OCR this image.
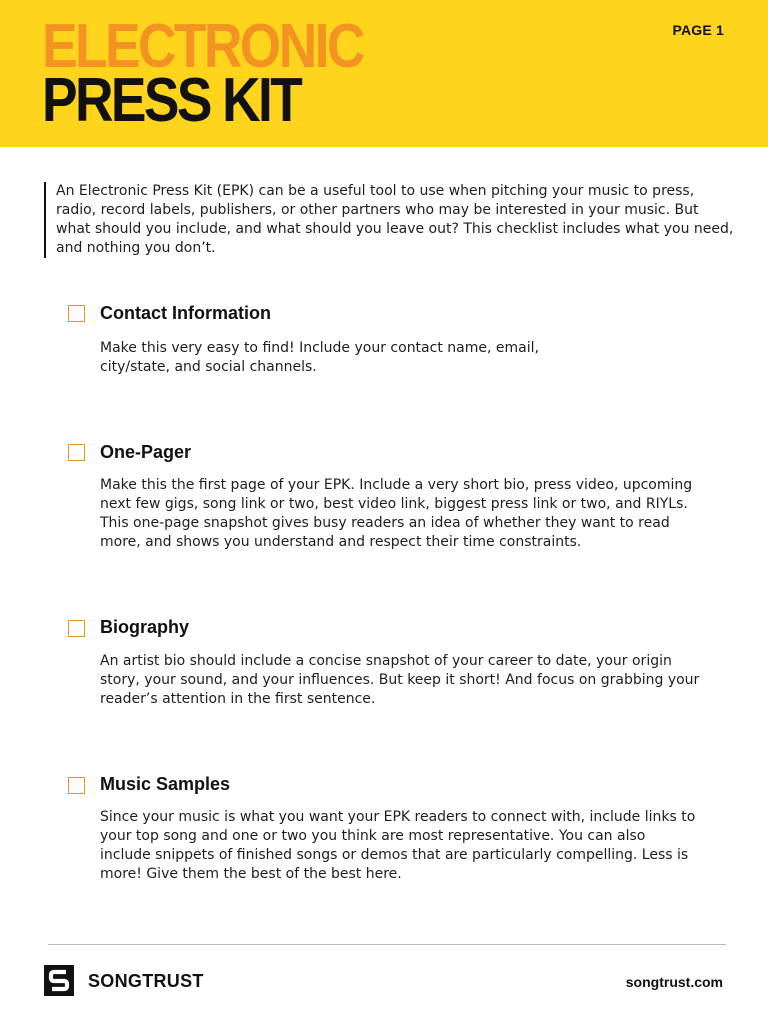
ELECTRONIC
PRESS KIT
PAGE 1

An Electronic Press Kit (EPK) can be a useful tool to use when pitching your music to press, radio, record labels, publishers, or other partners who may be interested in your music. But what should you include, and what should you leave out? This checklist includes what you need, and nothing you don’t.

Contact Information

Make this very easy to find! Include your contact name, email, city/state, and social channels.

One-Pager

Make this the first page of your EPK. Include a very short bio, press video, upcoming next few gigs, song link or two, best video link, biggest press link or two, and RIYLs. This one-page snapshot gives busy readers an idea of whether they want to read more, and shows you understand and respect their time constraints.

Biography

An artist bio should include a concise snapshot of your career to date, your origin story, your sound, and your influences. But keep it short! And focus on grabbing your reader’s attention in the first sentence.

Music Samples

Since your music is what you want your EPK readers to connect with, include links to your top song and one or two you think are most representative. You can also include snippets of finished songs or demos that are particularly compelling. Less is more! Give them the best of the best here.

SONGTRUST	songtrust.com
